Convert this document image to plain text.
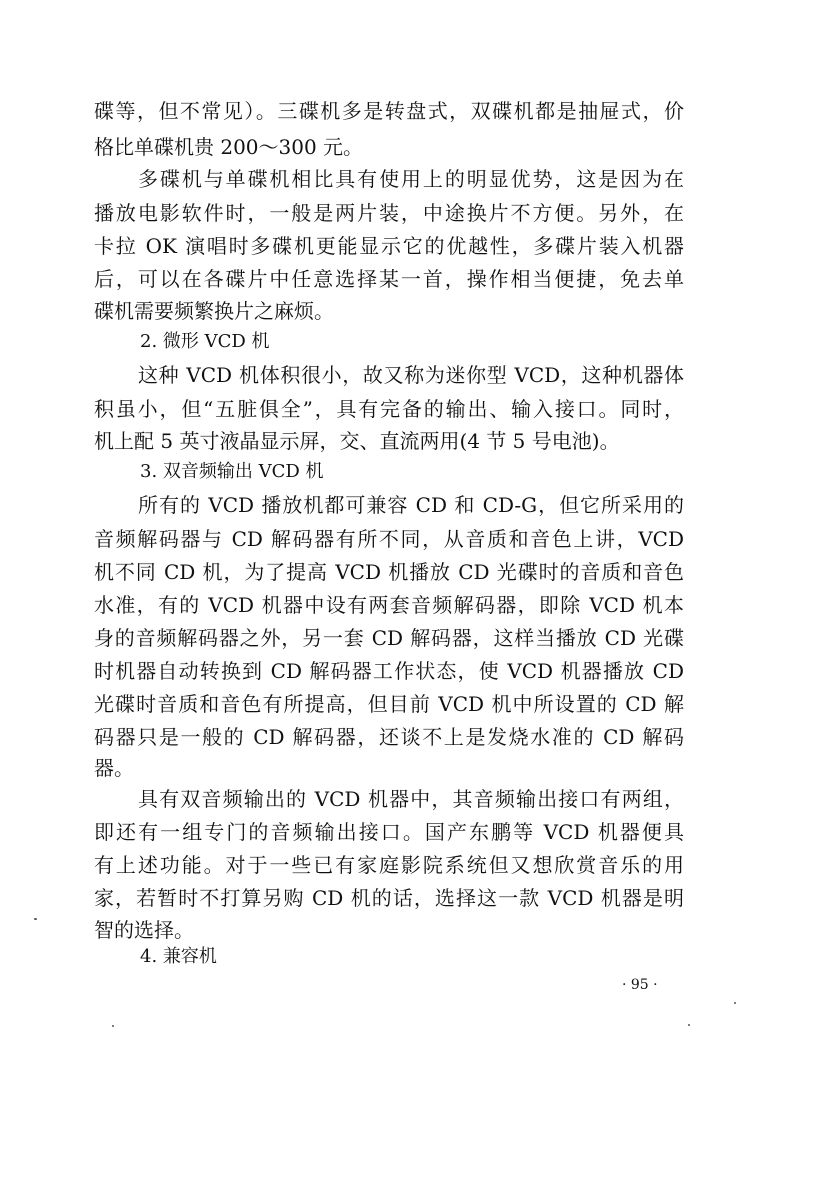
碟等，但不常见）。三碟机多是转盘式，双碟机都是抽屉式，价
格比单碟机贵 200～300 元。
多碟机与单碟机相比具有使用上的明显优势，这是因为在
播放电影软件时，一般是两片装，中途换片不方便。另外，在
卡拉 OK 演唱时多碟机更能显示它的优越性，多碟片装入机器
后，可以在各碟片中任意选择某一首，操作相当便捷，免去单
碟机需要频繁换片之麻烦。
2. 微形 VCD 机
这种 VCD 机体积很小，故又称为迷你型 VCD，这种机器体
积虽小，但“五脏俱全”，具有完备的输出、输入接口。同时，
机上配 5 英寸液晶显示屏，交、直流两用(4 节 5 号电池)。
3. 双音频输出 VCD 机
所有的 VCD 播放机都可兼容 CD 和 CD-G，但它所采用的
音频解码器与 CD 解码器有所不同，从音质和音色上讲，VCD
机不同 CD 机，为了提高 VCD 机播放 CD 光碟时的音质和音色
水准，有的 VCD 机器中设有两套音频解码器，即除 VCD 机本
身的音频解码器之外，另一套 CD 解码器，这样当播放 CD 光碟
时机器自动转换到 CD 解码器工作状态，使 VCD 机器播放 CD
光碟时音质和音色有所提高，但目前 VCD 机中所设置的 CD 解
码器只是一般的 CD 解码器，还谈不上是发烧水准的 CD 解码
器。
具有双音频输出的 VCD 机器中，其音频输出接口有两组，
即还有一组专门的音频输出接口。国产东鹏等 VCD 机器便具
有上述功能。对于一些已有家庭影院系统但又想欣赏音乐的用
家，若暂时不打算另购 CD 机的话，选择这一款 VCD 机器是明
智的选择。
4. 兼容机
· 95 ·
